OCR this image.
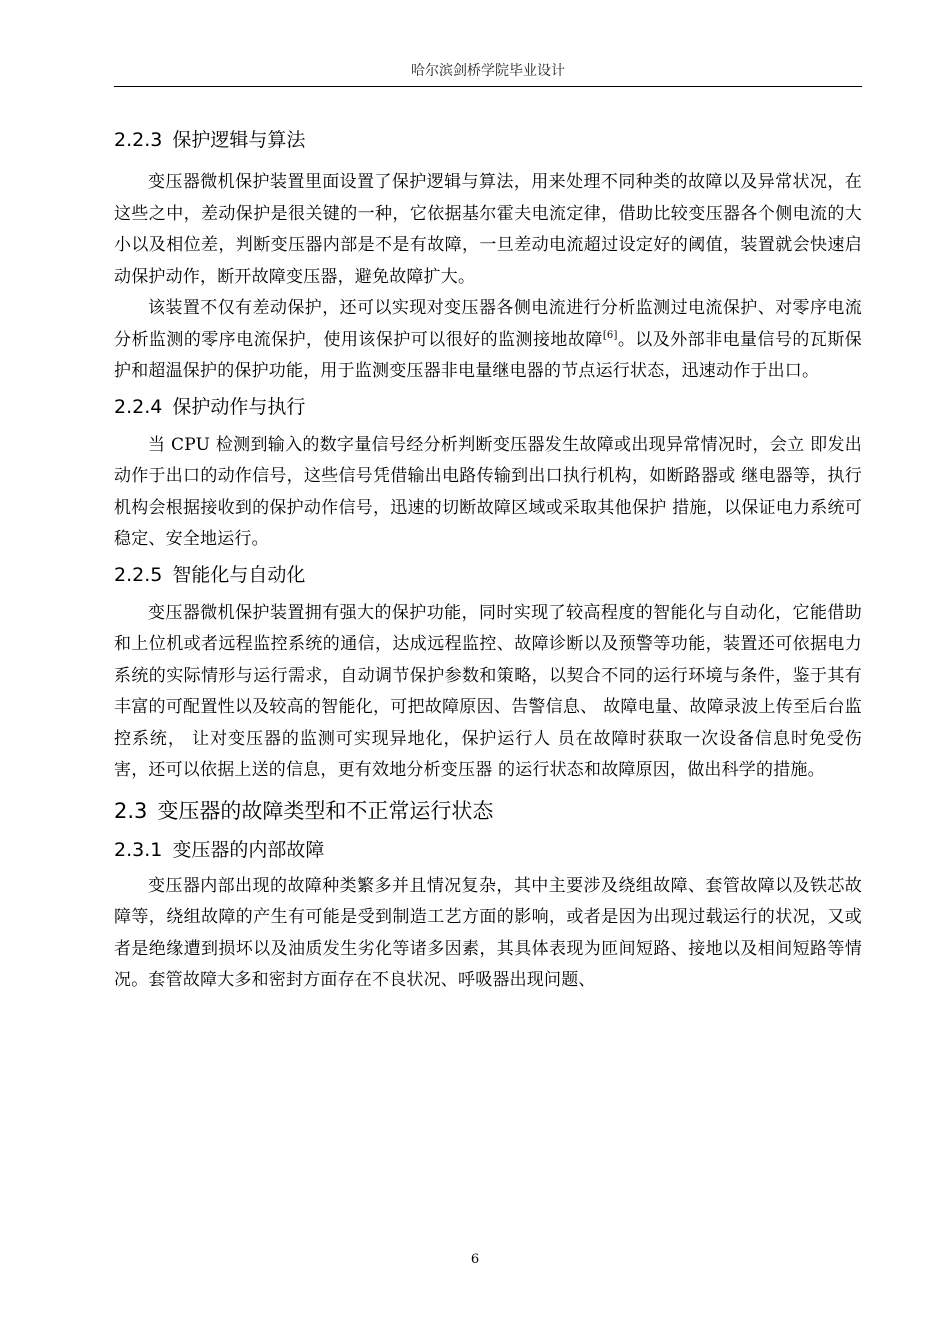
哈尔滨剑桥学院毕业设计
2.2.3 保护逻辑与算法

变压器微机保护装置里面设置了保护逻辑与算法，用来处理不同种类的故障以及异常状况，在这些之中，差动保护是很关键的一种，它依据基尔霍夫电流定律，借助比较变压器各个侧电流的大小以及相位差，判断变压器内部是不是有故障，一旦差动电流超过设定好的阈值，装置就会快速启动保护动作，断开故障变压器，避免故障扩大。

该装置不仅有差动保护，还可以实现对变压器各侧电流进行分析监测过电流保护、对零序电流分析监测的零序电流保护，使用该保护可以很好的监测接地故障[6]。以及外部非电量信号的瓦斯保护和超温保护的保护功能，用于监测变压器非电量继电器的节点运行状态，迅速动作于出口。

2.2.4 保护动作与执行

当 CPU 检测到输入的数字量信号经分析判断变压器发生故障或出现异常情况时，会立 即发出动作于出口的动作信号，这些信号凭借输出电路传输到出口执行机构，如断路器或 继电器等，执行机构会根据接收到的保护动作信号，迅速的切断故障区域或采取其他保护 措施，以保证电力系统可稳定、安全地运行。

2.2.5 智能化与自动化

变压器微机保护装置拥有强大的保护功能，同时实现了较高程度的智能化与自动化，它能借助和上位机或者远程监控系统的通信，达成远程监控、故障诊断以及预警等功能，装置还可依据电力系统的实际情形与运行需求，自动调节保护参数和策略，以契合不同的运行环境与条件，鉴于其有丰富的可配置性以及较高的智能化，可把故障原因、告警信息、 故障电量、故障录波上传至后台监控系统， 让对变压器的监测可实现异地化，保护运行人 员在故障时获取一次设备信息时免受伤害，还可以依据上送的信息，更有效地分析变压器 的运行状态和故障原因，做出科学的措施。

2.3 变压器的故障类型和不正常运行状态
2.3.1 变压器的内部故障

变压器内部出现的故障种类繁多并且情况复杂，其中主要涉及绕组故障、套管故障以及铁芯故障等，绕组故障的产生有可能是受到制造工艺方面的影响，或者是因为出现过载运行的状况，又或者是绝缘遭到损坏以及油质发生劣化等诸多因素，其具体表现为匝间短路、接地以及相间短路等情况。套管故障大多和密封方面存在不良状况、呼吸器出现问题、

6
